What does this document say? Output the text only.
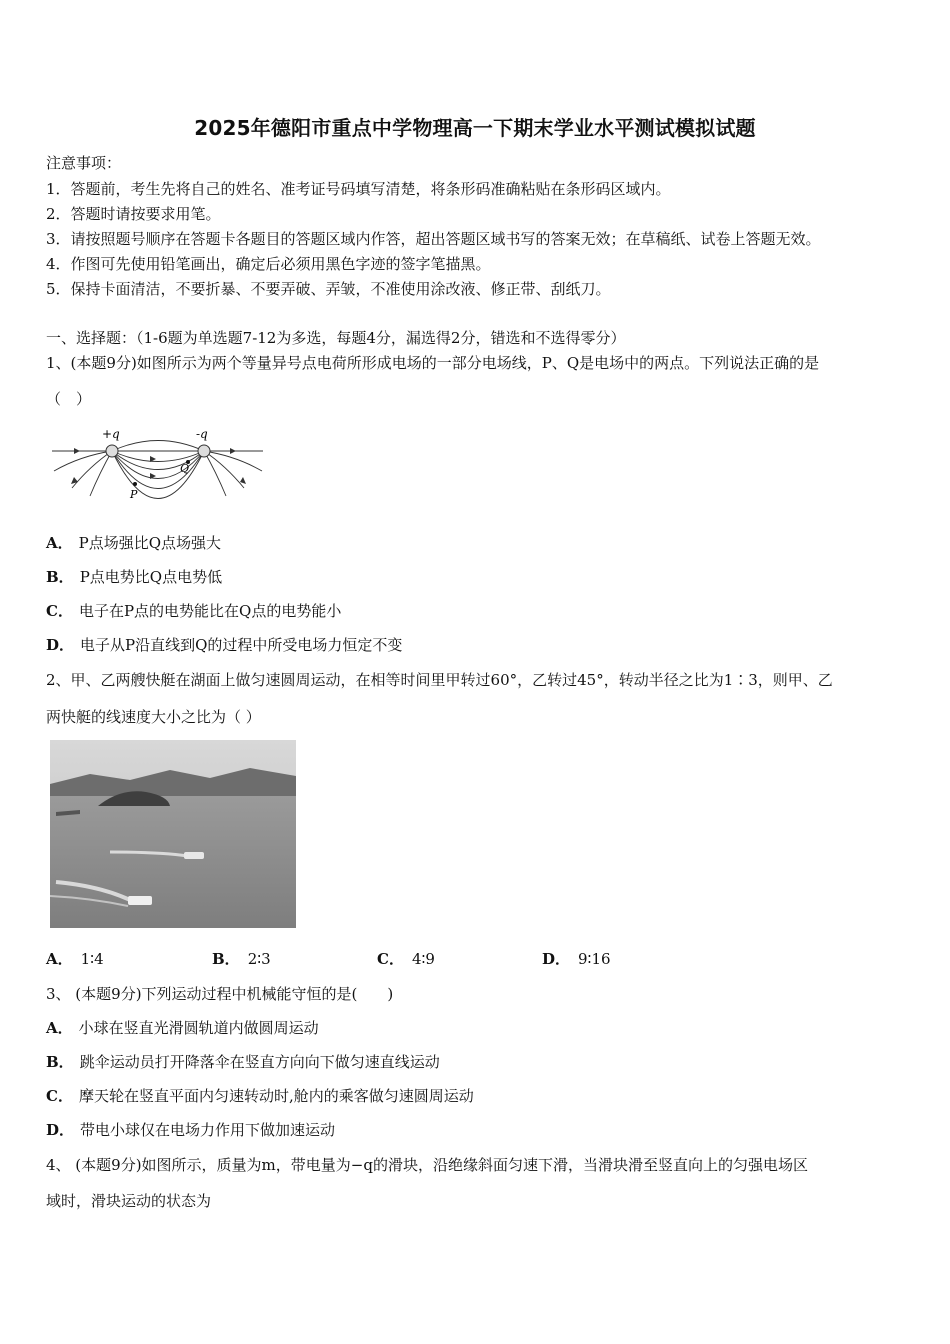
2025年德阳市重点中学物理高一下期末学业水平测试模拟试题
注意事项：
1．答题前，考生先将自己的姓名、准考证号码填写清楚，将条形码准确粘贴在条形码区域内。
2．答题时请按要求用笔。
3．请按照题号顺序在答题卡各题目的答题区域内作答，超出答题区域书写的答案无效；在草稿纸、试卷上答题无效。
4．作图可先使用铅笔画出，确定后必须用黑色字迹的签字笔描黑。
5．保持卡面清洁，不要折暴、不要弄破、弄皱，不准使用涂改液、修正带、刮纸刀。
一、选择题：（1-6题为单选题7-12为多选，每题4分，漏选得2分，错选和不选得零分）
1、(本题9分)如图所示为两个等量异号点电荷所形成电场的一部分电场线，P、Q是电场中的两点。下列说法正确的是
（　）
+q	-q
P
Q
A． P点场强比Q点场强大
B． P点电势比Q点电势低
C． 电子在P点的电势能比在Q点的电势能小
D． 电子从P沿直线到Q的过程中所受电场力恒定不变
2、甲、乙两艘快艇在湖面上做匀速圆周运动，在相等时间里甲转过60°，乙转过45°，转动半径之比为1∶3，则甲、乙
两快艇的线速度大小之比为（ ）
A． 1∶4	B． 2∶3	C． 4∶9	D． 9∶16
3、 (本题9分)下列运动过程中机械能守恒的是(　　)
A． 小球在竖直光滑圆轨道内做圆周运动
B． 跳伞运动员打开降落伞在竖直方向向下做匀速直线运动
C． 摩天轮在竖直平面内匀速转动时,舱内的乘客做匀速圆周运动
D． 带电小球仅在电场力作用下做加速运动
4、 (本题9分)如图所示，质量为m，带电量为−q的滑块，沿绝缘斜面匀速下滑，当滑块滑至竖直向上的匀强电场区
域时，滑块运动的状态为
